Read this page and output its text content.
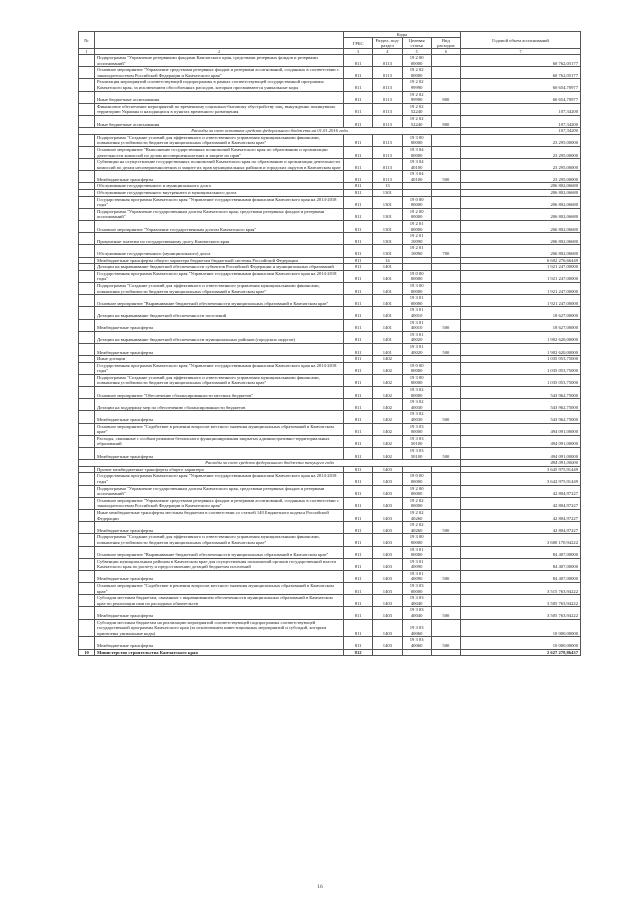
№		Коды				Годовой объем ассигнований
		ГРБС	Раздел, под- раздел	Целевая статья	Вид расходов	
1	2	3	4	5	6	7
	Подпрограмма "Управление резервными фондами Камчатского края, средствами резервных фондов и резервами ассигнований"	811	0113	19 2 00 00000		60 762,05177
	Основное мероприятие "Управление средствами резервных фондов и резервами ассигнований, созданных в соответствии с законодательством Российской Федерации и Камчатского края"	811	0113	19 2 02 00000		60 762,05177
	Реализация мероприятий соответствующей подпрограммы в рамках соответствующей государственной программы Камчатского края, за исключением обособленных расходов, которым присваиваются уникальные коды	811	0113	19 2 02 99990		60 654,70977
	Иные бюджетные ассигнования	811	0113	19 2 02 99990	800	60 654,70977
	Финансовое обеспечение мероприятий по временному социально-бытовому обустройству лиц, вынужденно покинувших территорию Украины и находящихся в пунктах временного размещения	811	0113	19 2 02 52240		107,34200
	Иные бюджетные ассигнования	811	0113	19 2 02 52240	800	107,34200
Расходы за счет остатков средств федерального бюджета на 01.01.2016 года						107,34200
	Подпрограмма "Создание условий для эффективного и ответственного управления муниципальными финансами, повышения устойчивости бюджетов муниципальных образований в Камчатском крае"	811	0113	19 3 00 00000		23 295,00000
	Основное мероприятие "Выполнение государственных полномочий Камчатского края по образованию и организации деятельности комиссий по делам несовершеннолетних и защите их прав"	811	0113	19 3 04 00000		23 295,00000
	Субвенции на осуществление государственных полномочий Камчатского края по образованию и организации деятельности комиссий по делам несовершеннолетних и защите их прав муниципальных районов и городских округов в Камчатском крае	811	0113	19 3 04 40100		23 295,00000
	Межбюджетные трансферты	811	0113	19 3 04 40100	500	23 295,00000
	Обслуживание государственного и муниципального долга	811	13			206 802,06680
	Обслуживание государственного внутреннего и муниципального долга	811	1301			206 802,06680
	Государственная программа Камчатского края "Управление государственными финансами Камчатского края на 2014-2018 годы"	811	1301	19 0 00 00000		206 802,06680
	Подпрограмма "Управление государственным долгом Камчатского края, средствами резервных фондов и резервами ассигнований"	811	1301	19 2 00 00000		206 802,06680
	Основное мероприятие "Управление государственным долгом Камчатского края"	811	1301	19 2 01 00000		206 802,06680
	Процентные платежи по государственному долгу Камчатского края	811	1301	19 2 01 10090		206 802,06680
	Обслуживание государственного (муниципального) долга	811	1301	19 2 01 10090	700	206 802,06680
	Межбюджетные трансферты общего характера бюджетам бюджетной системы Российской Федерации	811	14			6 602 276,66449
	Дотации на выравнивание бюджетной обеспеченности субъектов Российской Федерации и муниципальных образований	811	1401			1 921 247,00000
	Государственная программа Камчатского края "Управление государственными финансами Камчатского края на 2014-2018 годы"	811	1401	19 0 00 00000		1 921 247,00000
	Подпрограмма "Создание условий для эффективного и ответственного управления муниципальными финансами, повышения устойчивости бюджетов муниципальных образований в Камчатском крае"	811	1401	19 3 00 00000		1 921 247,00000
	Основное мероприятие "Выравнивание бюджетной обеспеченности муниципальных образований в Камчатском крае"	811	1401	19 3 01 00000		1 921 247,00000
	Дотации на выравнивание бюджетной обеспеченности поселений	811	1401	19 3 01 40010		18 627,00000
	Межбюджетные трансферты	811	1401	19 3 01 40010	500	18 627,00000
	Дотации на выравнивание бюджетной обеспеченности муниципальных районов (городских округов)	811	1401	19 3 01 40020		1 902 620,00000
	Межбюджетные трансферты	811	1401	19 3 01 40020	500	1 902 620,00000
	Иные дотации	811	1402			1 035 053,75000
	Государственная программа Камчатского края "Управление государственными финансами Камчатского края на 2014-2018 годы"	811	1402	19 0 00 00000		1 035 053,75000
	Подпрограмма "Создание условий для эффективного и ответственного управления муниципальными финансами, повышения устойчивости бюджетов муниципальных образований в Камчатском крае"	811	1402	19 3 00 00000		1 035 053,75000
	Основное мероприятие "Обеспечение сбалансированности местных бюджетов"	811	1402	19 3 02 00000		543 962,75000
	Дотации на поддержку мер по обеспечению сбалансированности бюджетов	811	1402	19 3 02 40030		543 962,75000
	Межбюджетные трансферты	811	1402	19 3 02 40030	500	543 962,75000
	Основное мероприятие "Содействие в решении вопросов местного значения муниципальных образований в Камчатском крае"	811	1402	19 3 03 00000		494 091,00000
	Расходы, связанные с особым режимом безопасного функционирования закрытых административно-территориальных образований	811	1402	19 3 03 50100		494 091,00000
	Межбюджетные трансферты	811	1402	19 3 03 50100	500	494 091,00000
Расходы за счет средств федерального бюджета текущего года						494 091,00000
	Прочие межбюджетные трансферты общего характера	811	1403			3 645 975,91449
	Государственная программа Камчатского края "Управление государственными финансами Камчатского края на 2014-2018 годы"	811	1403	19 0 00 00000		3 642 975,91449
	Подпрограмма "Управление государственным долгом Камчатского края, средствами резервных фондов и резервами ассигнований"	811	1403	19 2 00 00000		42 804,97227
	Основное мероприятие "Управление средствами резервных фондов и резервами ассигнований, созданных в соответствии с законодательством Российской Федерации и Камчатского края"	811	1403	19 2 02 00000		42 804,97227
	Иные межбюджетные трансферты местным бюджетам в соответствии со статьей 140 Бюджетного кодекса Российской Федерации	811	1403	19 2 02 40260		42 804,97227
	Межбюджетные трансферты	811	1403	19 2 02 40260	500	42 804,97227
	Подпрограмма "Создание условий для эффективного и ответственного управления муниципальными финансами, повышения устойчивости бюджетов муниципальных образований в Камчатском крае"	811	1403	19 3 00 00000		3 600 170,94222
	Основное мероприятие "Выравнивание бюджетной обеспеченности муниципальных образований в Камчатском крае"	811	1403	19 3 01 00000		84 407,00000
	Субвенции муниципальным районам в Камчатском крае для осуществления полномочий органов государственной власти Камчатского края по расчету и предоставлению дотаций бюджетам поселений	811	1403	19 3 01 40090		84 407,00000
	Межбюджетные трансферты	811	1403	19 3 01 40090	500	84 407,00000
	Основное мероприятие "Содействие в решении вопросов местного значения муниципальных образований в Камчатском крае"	811	1403	19 3 03 00000		3 515 763,94222
	Субсидии местным бюджетам, связанные с выравниванием обеспеченности муниципальных образований в Камчатском крае по реализации ими их расходных обязательств	811	1403	19 3 03 40040		3 505 763,94222
	Межбюджетные трансферты	811	1403	19 3 03 40040	500	3 505 763,94222
	Субсидии местным бюджетам на реализацию мероприятий соответствующей подпрограммы соответствующей государственной программы Камчатского края (за исключением инвестиционных мероприятий и субсидий, которым присвоены уникальные коды)	811	1403	19 3 03 40060		10 000,00000
	Межбюджетные трансферты	811	1403	19 3 03 40060	500	10 000,00000
10	Министерство строительства Камчатского края	812				2 627 278,86437
16
